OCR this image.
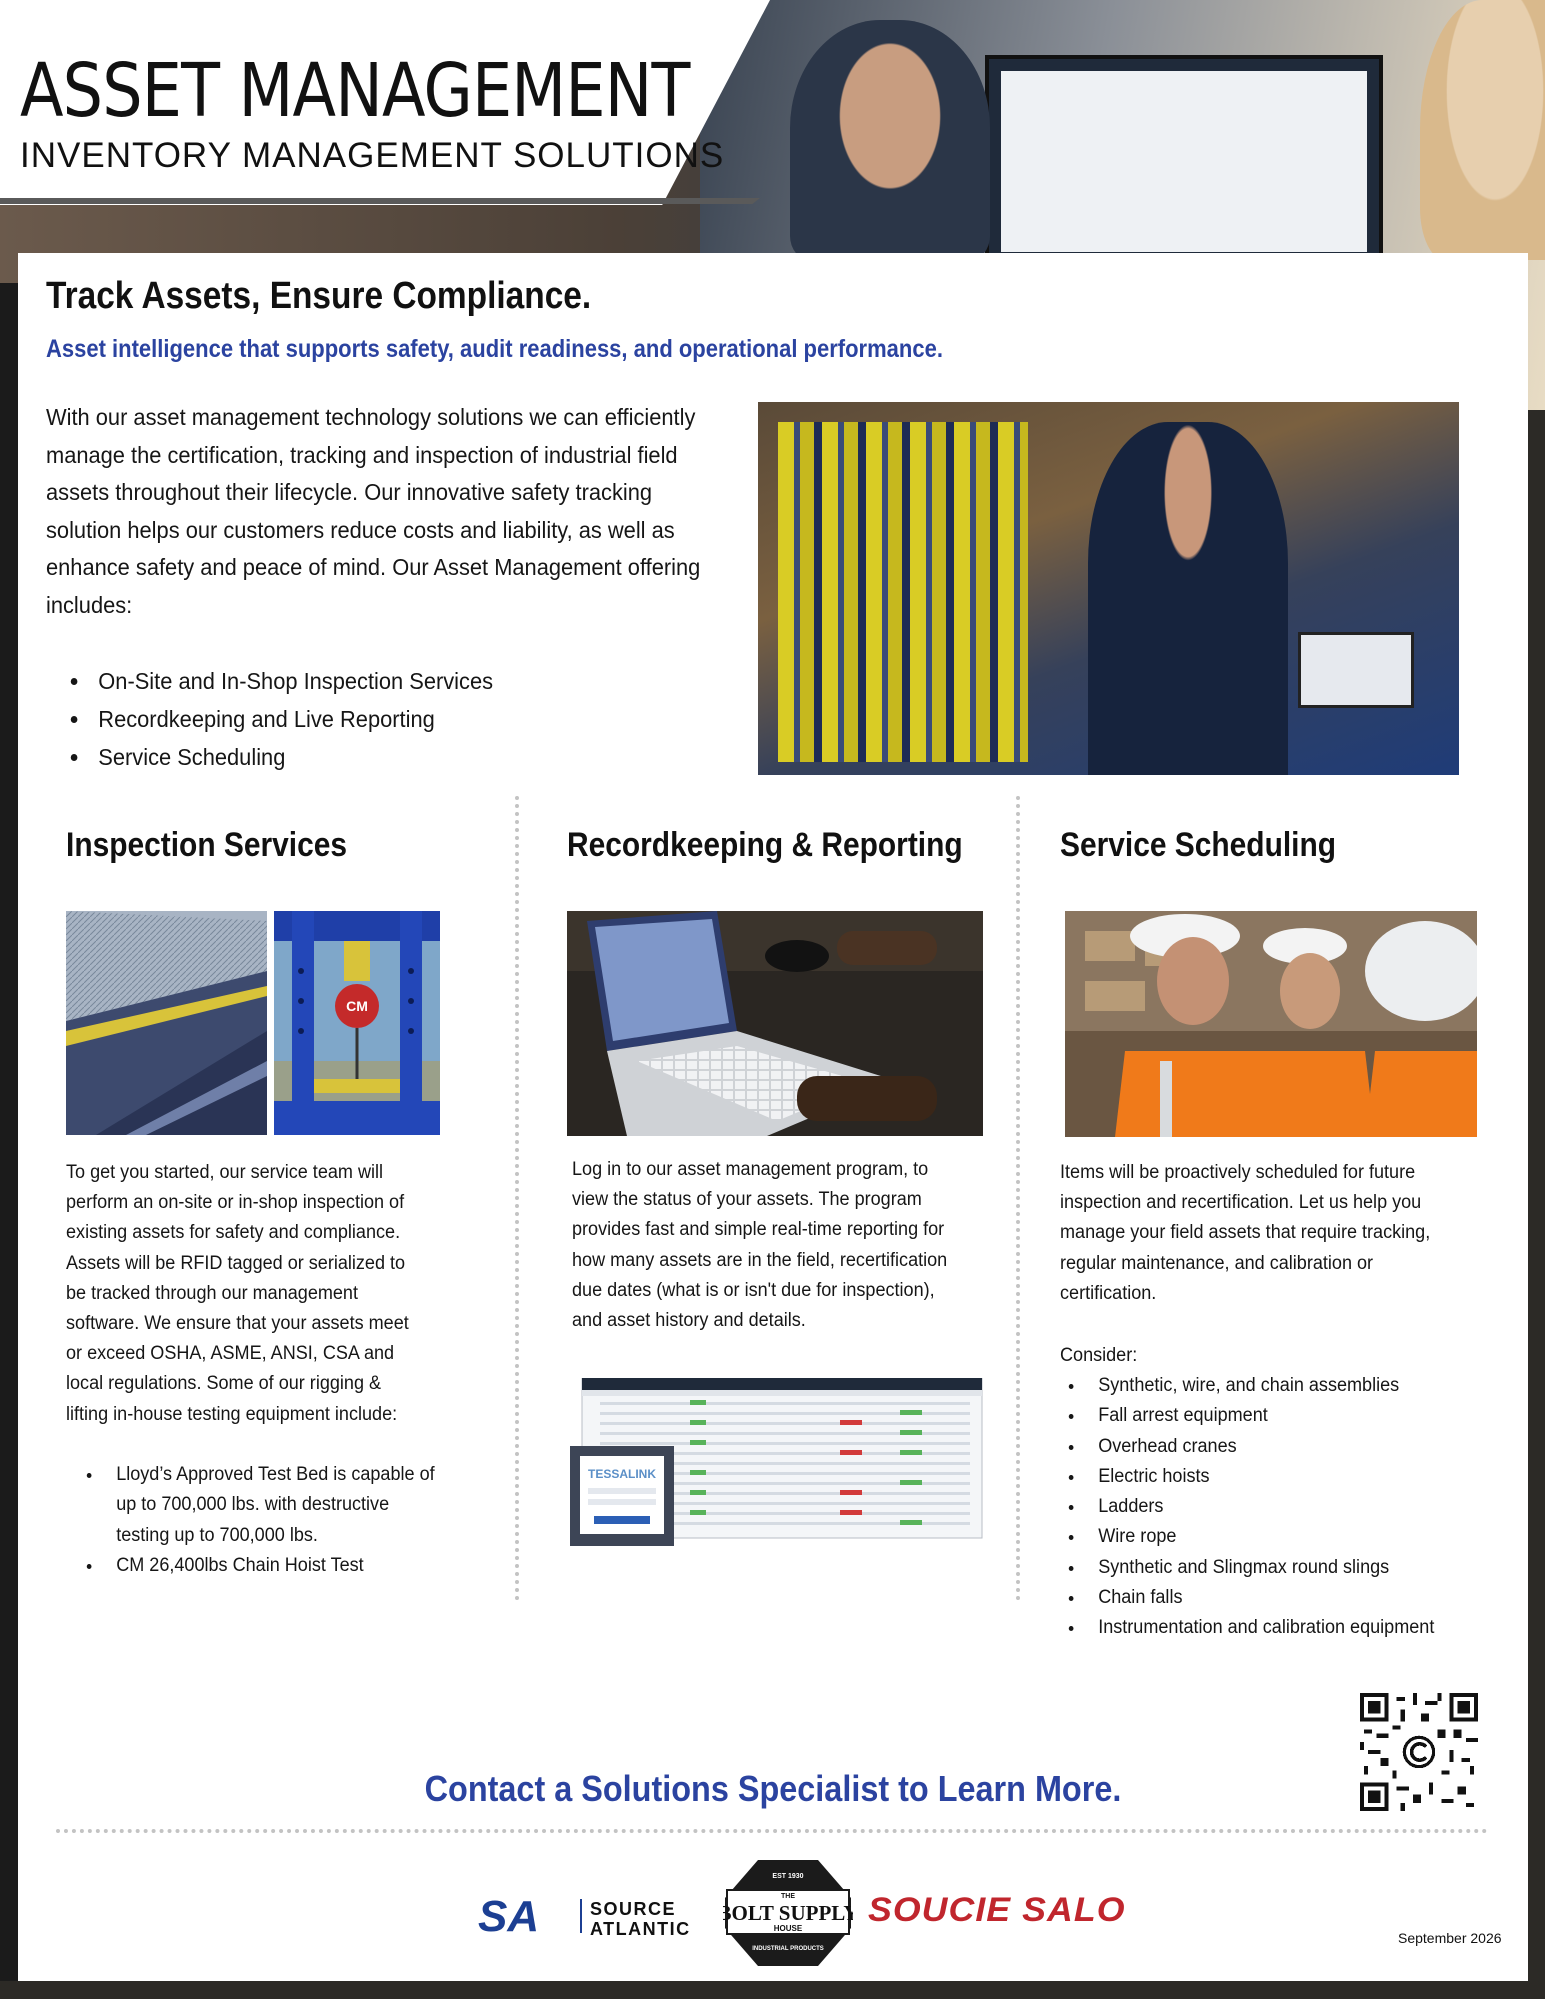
ASSET MANAGEMENT
INVENTORY MANAGEMENT SOLUTIONS
Track Assets, Ensure Compliance.
Asset intelligence that supports safety, audit readiness, and operational performance.
With our asset management technology solutions we can efficiently manage the certification, tracking and inspection of industrial field assets throughout their lifecycle. Our innovative safety tracking solution helps our customers reduce costs and liability, as well as enhance safety and peace of mind. Our Asset Management offering includes:
• On-Site and In-Shop Inspection Services
• Recordkeeping and Live Reporting
• Service Scheduling
Inspection Services
CM
To get you started, our service team will perform an on-site or in-shop inspection of existing assets for safety and compliance. Assets will be RFID tagged or serialized to be tracked through our management software. We ensure that your assets meet or exceed OSHA, ASME, ANSI, CSA and local regulations. Some of our rigging & lifting in-house testing equipment include:
• Lloyd’s Approved Test Bed is capable of up to 700,000 lbs. with destructive testing up to 700,000 lbs.
• CM 26,400lbs Chain Hoist Test
Recordkeeping & Reporting
Log in to our asset management program, to view the status of your assets. The program provides fast and simple real-time reporting for how many assets are in the field, recertification due dates (what is or isn't due for inspection), and asset history and details.
TESSALINK
Service Scheduling
Items will be proactively scheduled for future inspection and recertification. Let us help you manage your field assets that require tracking, regular maintenance, and calibration or certification.
Consider:
• Synthetic, wire, and chain assemblies
• Fall arrest equipment
• Overhead cranes
• Electric hoists
• Ladders
• Wire rope
• Synthetic and Slingmax round slings
• Chain falls
• Instrumentation and calibration equipment
Contact a Solutions Specialist to Learn More.
SA	SOURCE
ATLANTIC
EST 1930
THE
BOLT SUPPLY
HOUSE
INDUSTRIAL PRODUCTS
SOUCIE SALO
September 2026
